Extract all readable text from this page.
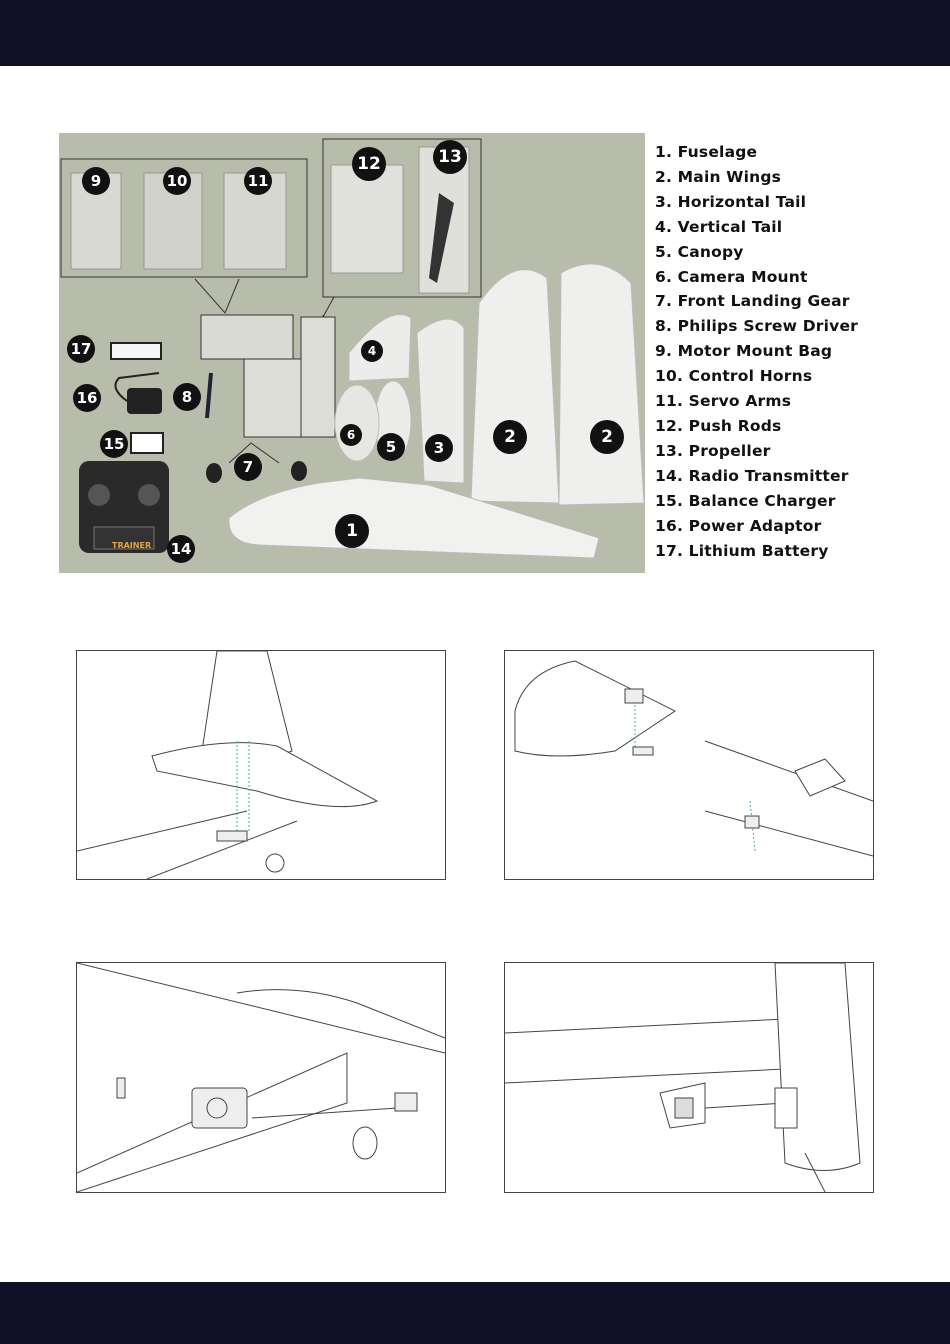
TRAINER
9	10	11
12	13
4
17
16	8
6
5	3
2	2
15
7
1
14
1. Fuselage
2. Main Wings
3. Horizontal Tail
4. Vertical Tail
5. Canopy
6. Camera Mount
7. Front Landing Gear
8. Philips Screw Driver
9. Motor Mount Bag
10. Control Horns
11. Servo Arms
12. Push Rods
13. Propeller
14. Radio Transmitter
15. Balance Charger
16. Power Adaptor
17. Lithium Battery
